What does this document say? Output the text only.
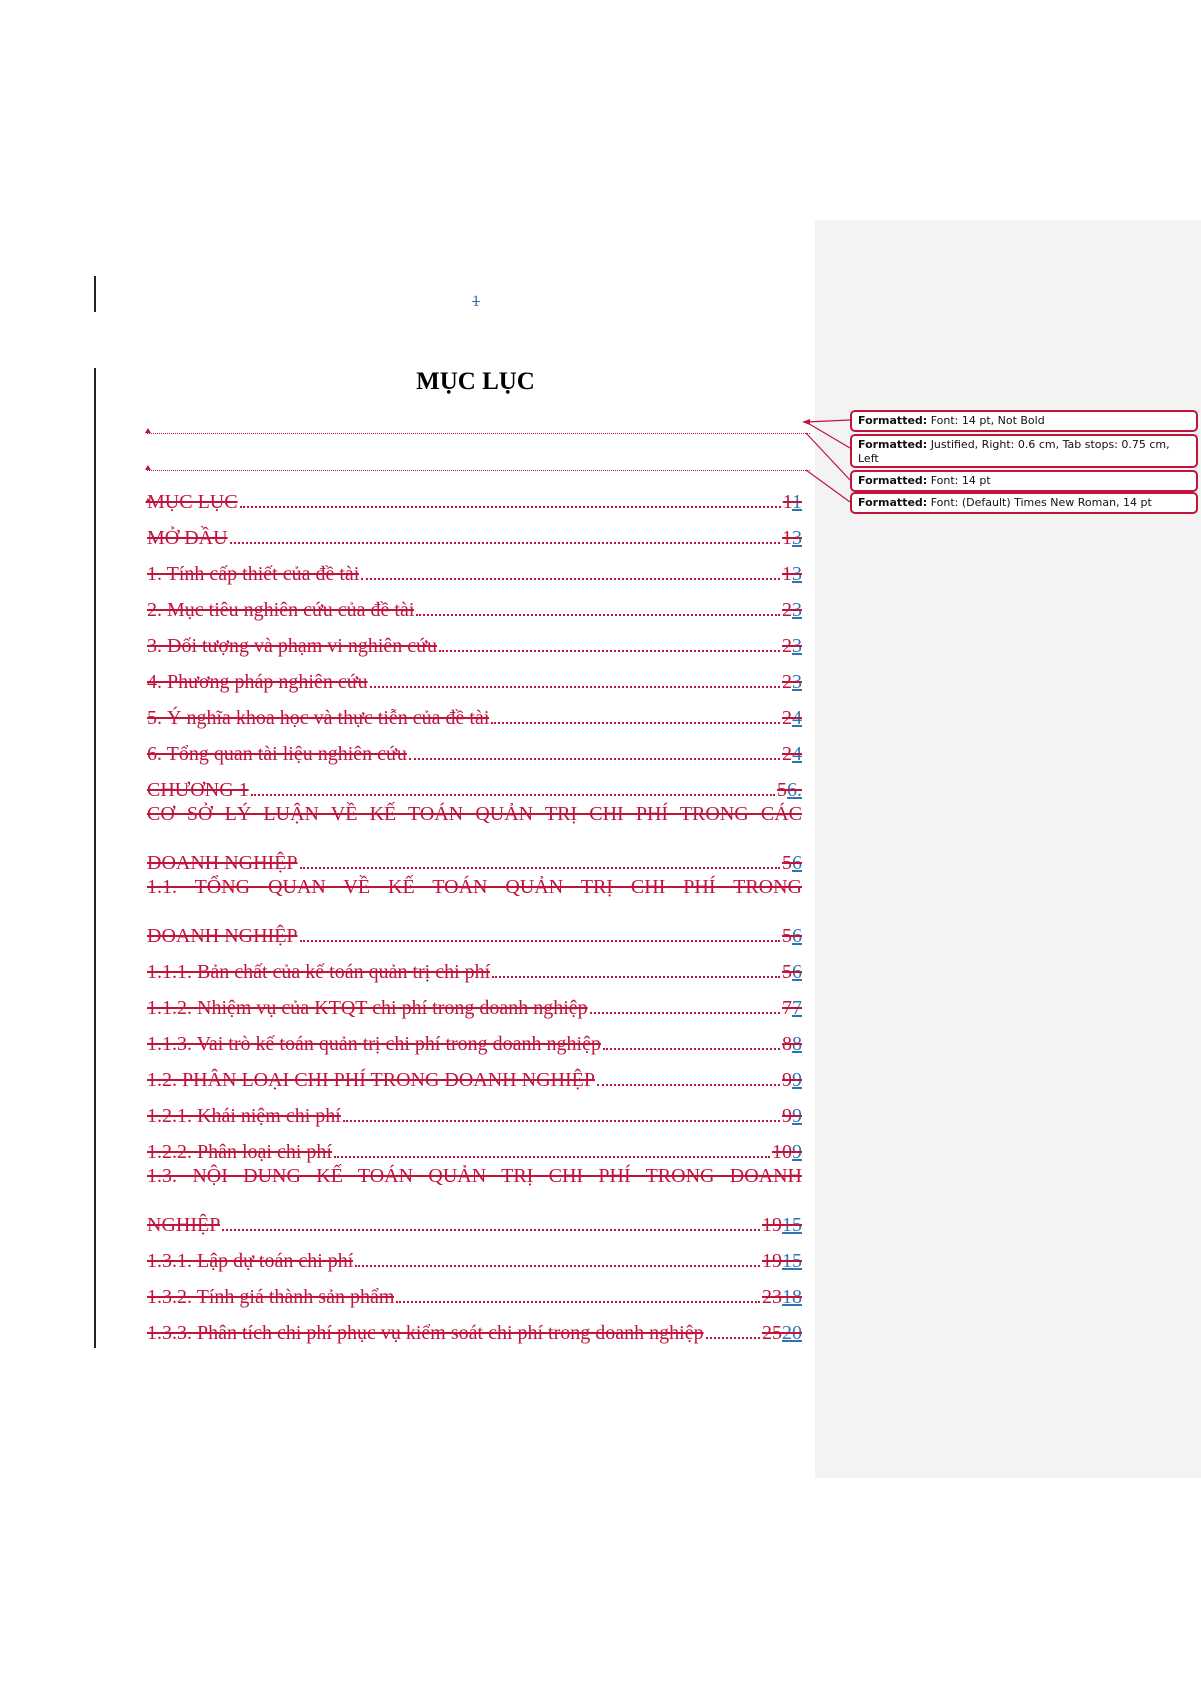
1
MỤC LỤC
MỤC LỤC	11
MỞ ĐẦU	13
1. Tính cấp thiết của đề tài	13
2. Mục tiêu nghiên cứu của đề tài	23
3. Đối tượng và phạm vi nghiên cứu	23
4. Phương pháp nghiên cứu	23
5. Ý nghĩa khoa học và thực tiễn của đề tài	24
6. Tổng quan tài liệu nghiên cứu	24
CHƯƠNG 1	56.
CƠ SỞ LÝ LUẬN VỀ KẾ TOÁN QUẢN TRỊ CHI PHÍ TRONG CÁC
DOANH NGHIỆP	56
1.1. TỔNG QUAN VỀ KẾ TOÁN QUẢN TRỊ CHI PHÍ TRONG
DOANH NGHIỆP	56
1.1.1. Bản chất của kế toán quản trị chi phí	56
1.1.2. Nhiệm vụ của KTQT chi phí trong doanh nghiệp	77
1.1.3. Vai trò kế toán quản trị chi phí trong doanh nghiệp	88
1.2. PHÂN LOẠI CHI PHÍ TRONG DOANH NGHIỆP	99
1.2.1. Khái niệm chi phí	99
1.2.2. Phân loại chi phí	109
1.3. NỘI DUNG KẾ TOÁN QUẢN TRỊ CHI PHÍ TRONG DOANH
NGHIỆP	1915
1.3.1. Lập dự toán chi phí	1915
1.3.2. Tính giá thành sản phẩm	2318
1.3.3. Phân tích chi phí phục vụ kiểm soát chi phí trong doanh nghiệp	2520
Formatted: Font: 14 pt, Not Bold
Formatted: Justified, Right: 0.6 cm, Tab stops: 0.75 cm, Left
Formatted: Font: 14 pt
Formatted: Font: (Default) Times New Roman, 14 pt
